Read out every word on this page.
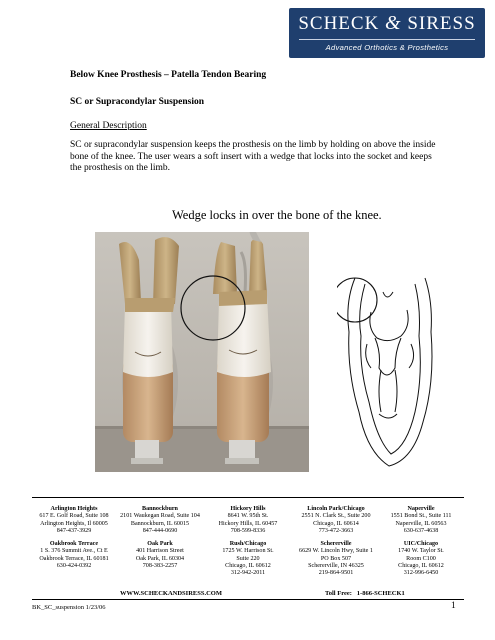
SCHECK & SIRESS
Advanced Orthotics & Prosthetics
Below Knee Prosthesis – Patella Tendon Bearing
SC or Supracondylar Suspension
General Description
SC or supracondylar suspension keeps the prosthesis on the limb by holding on above the inside bone of the knee. The user wears a soft insert with a wedge that locks into the socket and keeps the prosthesis on the limb.
Wedge locks in over the bone of the knee.
Arlington Heights
617 E. Golf Road, Suite 108
Arlington Heights, Il 60005
847-437-3929
Bannockburn
2101 Waukegan Road, Suite 104
Bannockburn, IL 60015
847-444-0690
Hickory Hills
8641 W. 95th St.
Hickory Hills, IL 60457
708-599-8336
Lincoln Park/Chicago
2551 N. Clark St., Suite 200
Chicago, IL 60614
773-472-3663
Naperville
1551 Bond St., Suite 111
Naperville, IL 60563
630-637-4638
Oakbrook Terrace
1 S. 376 Summit Ave., Ct E
Oakbrook Terrace, IL 60181
630-424-0392
Oak Park
401 Harrison Street
Oak Park, IL 60304
708-383-2257
Rush/Chicago
1725 W. Harrison St.
Suite 220
Chicago, IL 60612
312-942-2011
Schererville
6629 W. Lincoln Hwy, Suite 1
PO Box 507
Schererville, IN 46325
219-864-9501
UIC/Chicago
1740 W. Taylor St.
Room C100
Chicago, IL 60612
312-996-6450
WWW.SCHECKANDSIRESS.COM	Toll Free: 1-866-SCHECK1
BK_SC_suspension 1/23/06	1
